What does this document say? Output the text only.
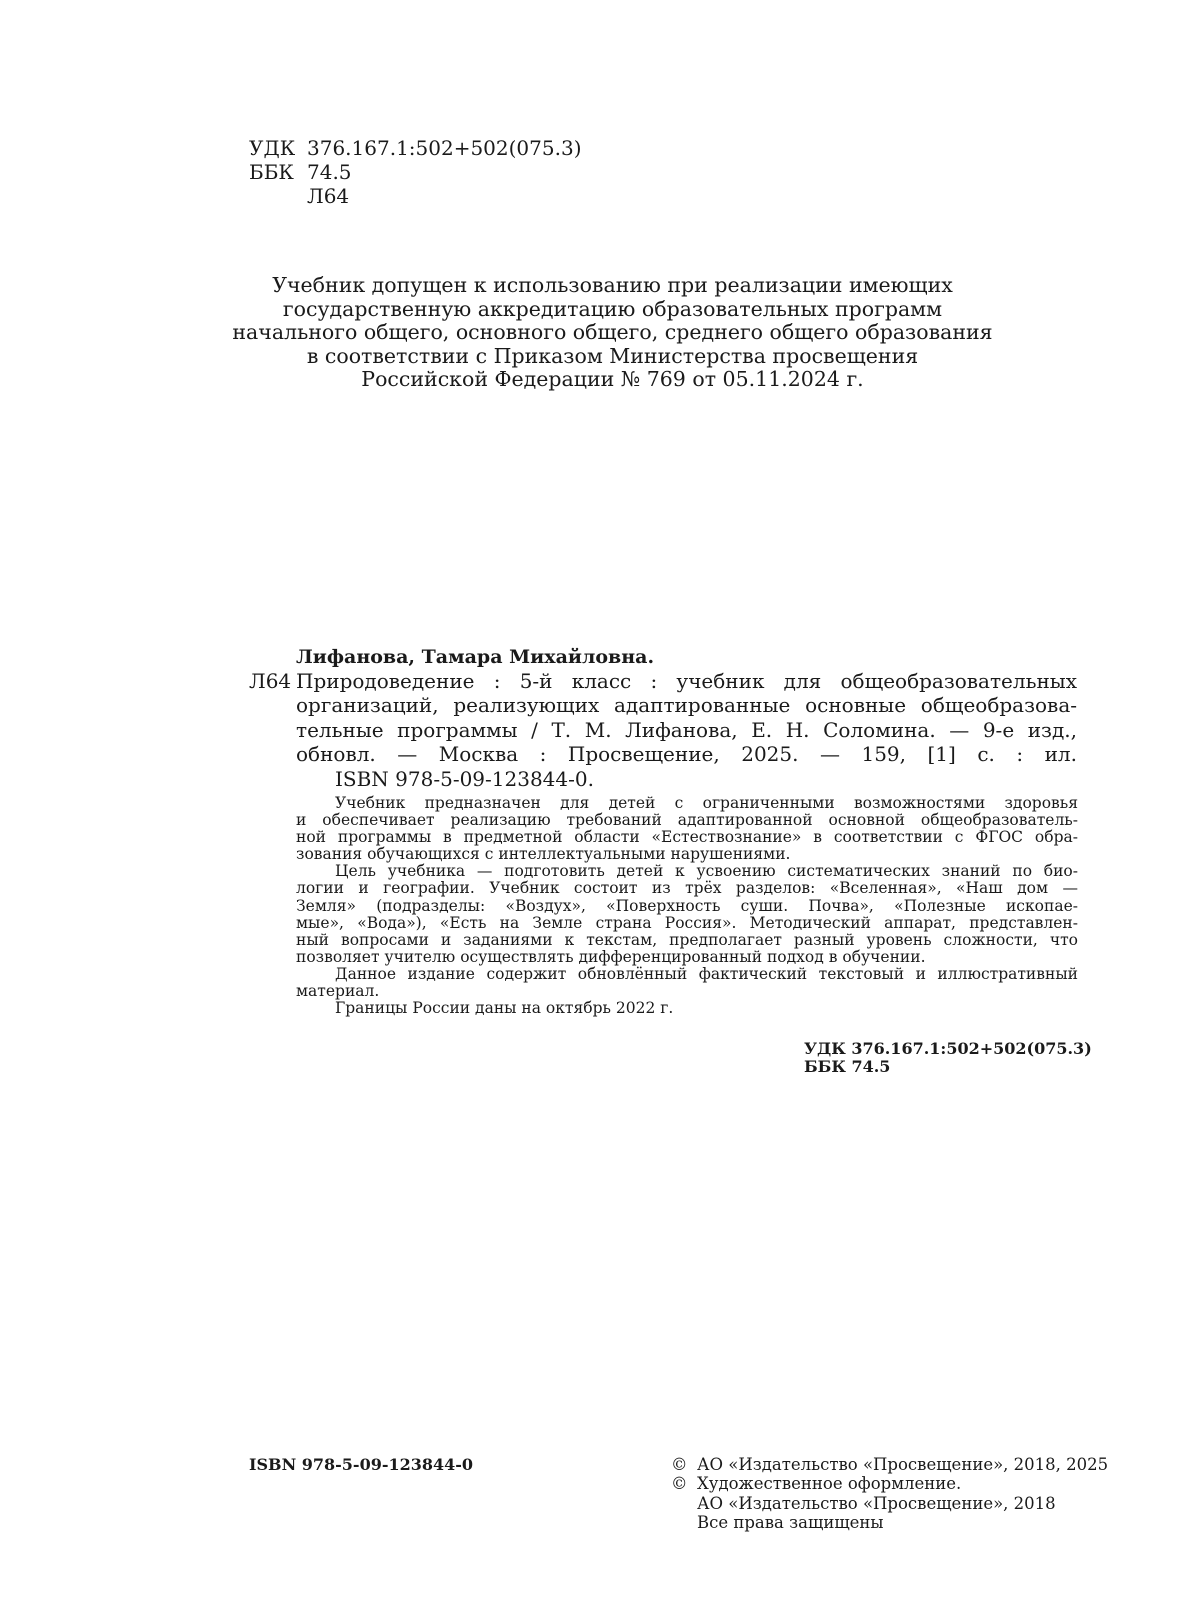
УДК 376.167.1:502+502(075.3)
ББК 74.5
Л64
Учебник допущен к использованию при реализации имеющих
государственную аккредитацию образовательных программ
начального общего, основного общего, среднего общего образования
в соответствии с Приказом Министерства просвещения
Российской Федерации № 769 от 05.11.2024 г.
Лифанова, Тамара Михайловна.
Л64 Природоведение : 5-й класс : учебник для общеобразовательных
организаций, реализующих адаптированные основные общеобразова-
тельные программы / Т. М. Лифанова, Е. Н. Соломина. — 9-е изд.,
обновл. — Москва : Просвещение, 2025. — 159, [1] с. : ил.
ISBN 978-5-09-123844-0.
Учебник предназначен для детей с ограниченными возможностями здоровья
и обеспечивает реализацию требований адаптированной основной общеобразователь-
ной программы в предметной области «Естествознание» в соответствии с ФГОС обра-
зования обучающихся с интеллектуальными нарушениями.
Цель учебника — подготовить детей к усвоению систематических знаний по био-
логии и географии. Учебник состоит из трёх разделов: «Вселенная», «Наш дом —
Земля» (подразделы: «Воздух», «Поверхность суши. Почва», «Полезные ископае-
мые», «Вода»), «Есть на Земле страна Россия». Методический аппарат, представлен-
ный вопросами и заданиями к текстам, предполагает разный уровень сложности, что
позволяет учителю осуществлять дифференцированный подход в обучении.
Данное издание содержит обновлённый фактический текстовый и иллюстративный
материал.
Границы России даны на октябрь 2022 г.
УДК 376.167.1:502+502(075.3)
ББК 74.5
ISBN 978-5-09-123844-0	© АО «Издательство «Просвещение», 2018, 2025
© Художественное оформление.
АО «Издательство «Просвещение», 2018
Все права защищены
